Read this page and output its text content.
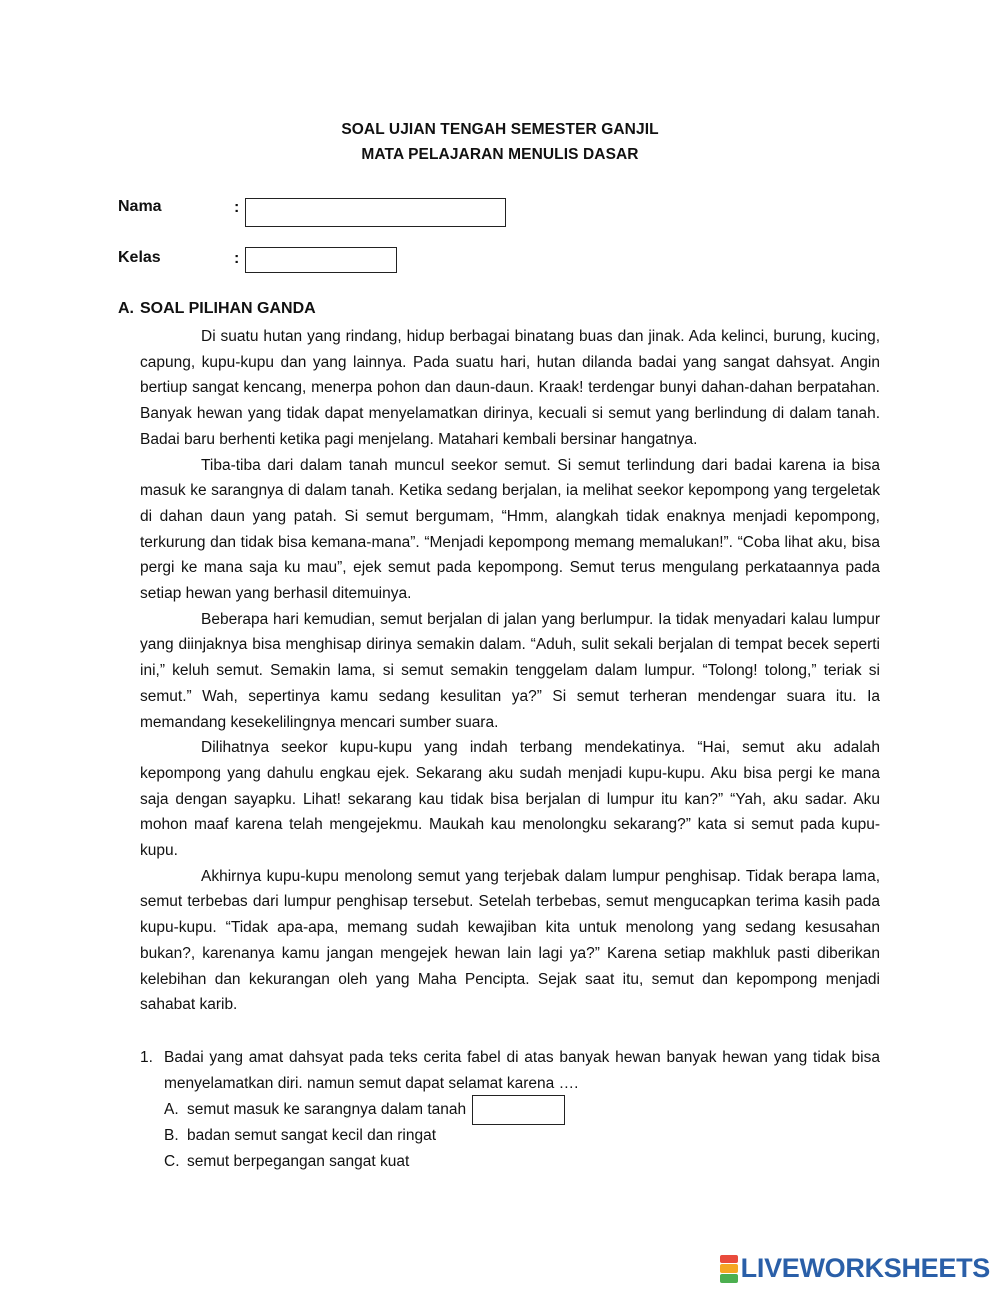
SOAL UJIAN TENGAH SEMESTER GANJIL
MATA PELAJARAN MENULIS DASAR
Nama	:
Kelas	:
A. SOAL PILIHAN GANDA

Di suatu hutan yang rindang, hidup berbagai binatang buas dan jinak. Ada kelinci, burung, kucing, capung, kupu-kupu dan yang lainnya. Pada suatu hari, hutan dilanda badai yang sangat dahsyat. Angin bertiup sangat kencang, menerpa pohon dan daun-daun. Kraak! terdengar bunyi dahan-dahan berpatahan. Banyak hewan yang tidak dapat menyelamatkan dirinya, kecuali si semut yang berlindung di dalam tanah. Badai baru berhenti ketika pagi menjelang. Matahari kembali bersinar hangatnya.

Tiba-tiba dari dalam tanah muncul seekor semut. Si semut terlindung dari badai karena ia bisa masuk ke sarangnya di dalam tanah. Ketika sedang berjalan, ia melihat seekor kepompong yang tergeletak di dahan daun yang patah. Si semut bergumam, “Hmm, alangkah tidak enaknya menjadi kepompong, terkurung dan tidak bisa kemana-mana”. “Menjadi kepompong memang memalukan!”. “Coba lihat aku, bisa pergi ke mana saja ku mau”, ejek semut pada kepompong. Semut terus mengulang perkataannya pada setiap hewan yang berhasil ditemuinya.

Beberapa hari kemudian, semut berjalan di jalan yang berlumpur. Ia tidak menyadari kalau lumpur yang diinjaknya bisa menghisap dirinya semakin dalam. “Aduh, sulit sekali berjalan di tempat becek seperti ini,” keluh semut. Semakin lama, si semut semakin tenggelam dalam lumpur. “Tolong! tolong,” teriak si semut.” Wah, sepertinya kamu sedang kesulitan ya?” Si semut terheran mendengar suara itu. Ia memandang kesekelilingnya mencari sumber suara.

Dilihatnya seekor kupu-kupu yang indah terbang mendekatinya. “Hai, semut aku adalah kepompong yang dahulu engkau ejek. Sekarang aku sudah menjadi kupu-kupu. Aku bisa pergi ke mana saja dengan sayapku. Lihat! sekarang kau tidak bisa berjalan di lumpur itu kan?” “Yah, aku sadar. Aku mohon maaf karena telah mengejekmu. Maukah kau menolongku sekarang?” kata si semut pada kupu-kupu.

Akhirnya kupu-kupu menolong semut yang terjebak dalam lumpur penghisap. Tidak berapa lama, semut terbebas dari lumpur penghisap tersebut. Setelah terbebas, semut mengucapkan terima kasih pada kupu-kupu. “Tidak apa-apa, memang sudah kewajiban kita untuk menolong yang sedang kesusahan bukan?, karenanya kamu jangan mengejek hewan lain lagi ya?” Karena setiap makhluk pasti diberikan kelebihan dan kekurangan oleh yang Maha Pencipta. Sejak saat itu, semut dan kepompong menjadi sahabat karib.

1. Badai yang amat dahsyat pada teks cerita fabel di atas banyak hewan banyak hewan yang tidak bisa menyelamatkan diri. namun semut dapat selamat karena ….
A. semut masuk ke sarangnya dalam tanah
B. badan semut sangat kecil dan ringat
C. semut berpegangan sangat kuat
LIVEWORKSHEETS
